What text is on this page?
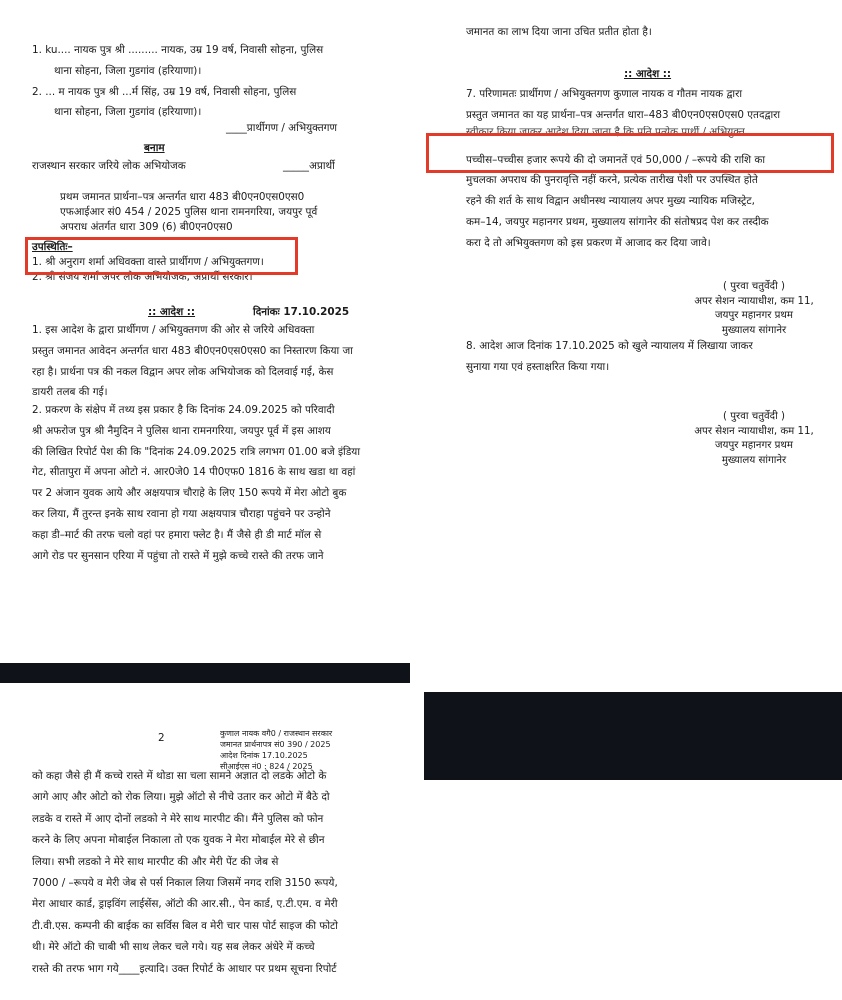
1. ku.... नायक पुत्र श्री ......... नायक, उम्र 19 वर्ष, निवासी सोहना, पुलिस
थाना सोहना, जिला गुडगांव (हरियाणा)।
2. ... म नायक पुत्र श्री ...र्म सिंह, उम्र 19 वर्ष, निवासी सोहना, पुलिस
थाना सोहना, जिला गुडगांव (हरियाणा)।
____प्रार्थीगण / अभियुक्तगण
बनाम
राजस्थान सरकार जरिये लोक अभियोजक	_____अप्रार्थी
प्रथम जमानत प्रार्थना–पत्र अन्तर्गत धारा 483 बी0एन0एस0एस0
एफआईआर सं0 454 / 2025 पुलिस थाना रामनगरिया, जयपुर पूर्व
अपराध अंतर्गत धारा 309 (6) बी0एन0एस0
उपस्थितिः–
1. श्री अनुराग शर्मा अधिवक्ता वास्ते प्रार्थीगण / अभियुक्तगण।
2. श्री संजय शर्मा अपर लोक अभियोजक, अप्रार्थी सरकार।
:: आदेश ::	दिनांकः 17.10.2025
1. इस आदेश के द्वारा प्रार्थीगण / अभियुक्तगण की ओर से जरिये अधिवक्ता
प्रस्तुत जमानत आवेदन अन्तर्गत धारा 483 बी0एन0एस0एस0 का निस्तारण किया जा
रहा है। प्रार्थना पत्र की नकल विद्वान अपर लोक अभियोजक को दिलवाई गई, केस
डायरी तलब की गई।
2. प्रकरण के संक्षेप में तथ्य इस प्रकार है कि दिनांक 24.09.2025 को परिवादी
श्री अफरोज पुत्र श्री नैमुदिन ने पुलिस थाना रामनगरिया, जयपुर पूर्व में इस आशय
की लिखित रिपोर्ट पेश की कि "दिनांक 24.09.2025 रात्रि लगभग 01.00 बजे इंडिया
गेट, सीतापुरा में अपना ओटो नं. आर0जे0 14 पी0एफ0 1816 के साथ खडा था वहां
पर 2 अंजान युवक आये और अक्षयपात्र चौराहे के लिए 150 रूपये में मेरा ओटो बुक
कर लिया, मैं तुरन्त इनके साथ रवाना हो गया अक्षयपात्र चौराहा पहुंचने पर उन्होने
कहा डी–मार्ट की तरफ चलो वहां पर हमारा फ्लेट है। मैं जैसे ही डी मार्ट मॉल से
आगे रोड पर सुनसान एरिया में पहुंचा तो रास्ते में मुझे कच्चे रास्ते की तरफ जाने
जमानत का लाभ दिया जाना उचित प्रतीत होता है।
:: आदेश ::
7. परिणामतः प्रार्थीगण / अभियुक्तगण कुणाल नायक व गौतम नायक द्वारा
प्रस्तुत जमानत का यह प्रार्थना–पत्र अन्तर्गत धारा–483 बी0एन0एस0एस0 एतदद्वारा
स्वीकार किया जाकर आदेश दिया जाता है कि प्रति प्रत्येक प्रार्थी / अभियुक्त
पच्चीस–पच्चीस हजार रूपये की दो जमानतें एवं 50,000 / –रूपये की राशि का
मुचलका अपराध की पुनरावृत्ति नहीं करने, प्रत्येक तारीख पेशी पर उपस्थित होते
रहने की शर्त के साथ विद्वान अधीनस्थ न्यायालय अपर मुख्य न्यायिक मजिस्ट्रेट,
कम–14, जयपुर महानगर प्रथम, मुख्यालय सांगानेर की संतोषप्रद पेश कर तस्दीक
करा दे तो अभियुक्तगण को इस प्रकरण में आजाद कर दिया जावे।
( पुरवा चतुर्वेदी )
अपर सेशन न्यायाधीश, कम 11,
जयपुर महानगर प्रथम
मुख्यालय सांगानेर
8. आदेश आज दिनांक 17.10.2025 को खुले न्यायालय में लिखाया जाकर
सुनाया गया एवं हस्ताक्षरित किया गया।
( पुरवा चतुर्वेदी )
अपर सेशन न्यायाधीश, कम 11,
जयपुर महानगर प्रथम
मुख्यालय सांगानेर
2	कुणाल नायक वगै0 / राजस्थान सरकार
जमानत प्रार्थनापत्र सं0 390 / 2025
आदेश दिनांक 17.10.2025
सीआईएस नं0 : 824 / 2025
को कहा जैसे ही मैं कच्चे रास्ते में थोडा सा चला सामने अज्ञात दो लडके ओटो के
आगे आए और ओटो को रोक लिया। मुझे ऑटो से नीचे उतार कर ओटो में बैठे दो
लडके व रास्ते में आए दोनों लडको ने मेरे साथ मारपीट की। मैंने पुलिस को फोन
करने के लिए अपना मोबाईल निकाला तो एक युवक ने मेरा मोबाईल मेरे से छीन
लिया। सभी लडको ने मेरे साथ मारपीट की और मेरी पेंट की जेब से
7000 / –रूपये व मेरी जेब से पर्स निकाल लिया जिसमें नगद राशि 3150 रूपये,
मेरा आधार कार्ड, ड्राइविंग लाईसेंस, ऑटो की आर.सी., पेन कार्ड, ए.टी.एम. व मेरी
टी.वी.एस. कम्पनी की बाईक का सर्विस बिल व मेरी चार पास पोर्ट साइज की फोटो
थी। मेरे ऑटो की चाबी भी साथ लेकर चले गये। यह सब लेकर अंधेरे में कच्चे
रास्ते की तरफ भाग गये____इत्यादि। उक्त रिपोर्ट के आधार पर प्रथम सूचना रिपोर्ट
